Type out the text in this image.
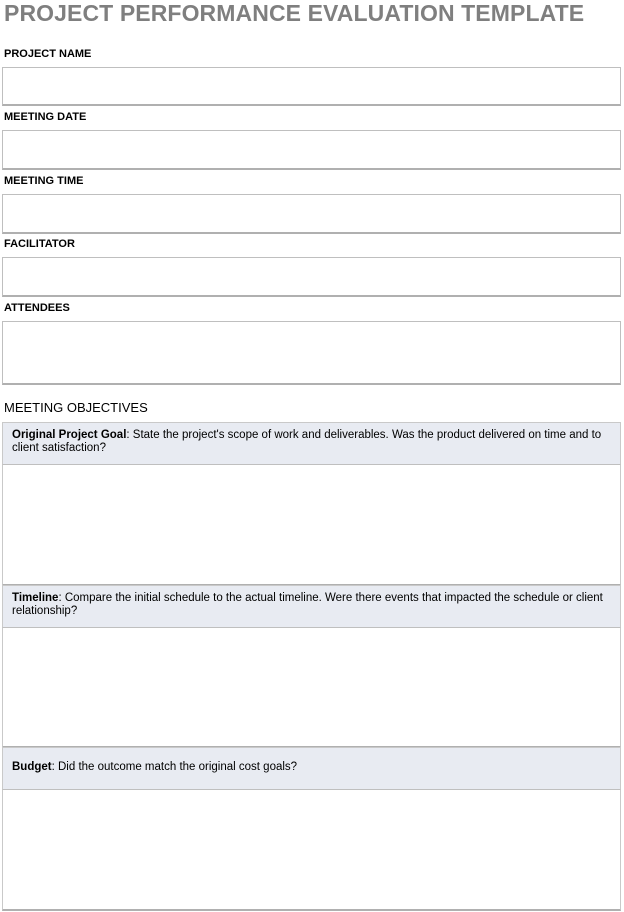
PROJECT PERFORMANCE EVALUATION TEMPLATE
PROJECT NAME
MEETING DATE
MEETING TIME
FACILITATOR
ATTENDEES
MEETING OBJECTIVES
Original Project Goal: State the project's scope of work and deliverables. Was the product delivered on time and to client satisfaction?
Timeline: Compare the initial schedule to the actual timeline. Were there events that impacted the schedule or client relationship?
Budget: Did the outcome match the original cost goals?
